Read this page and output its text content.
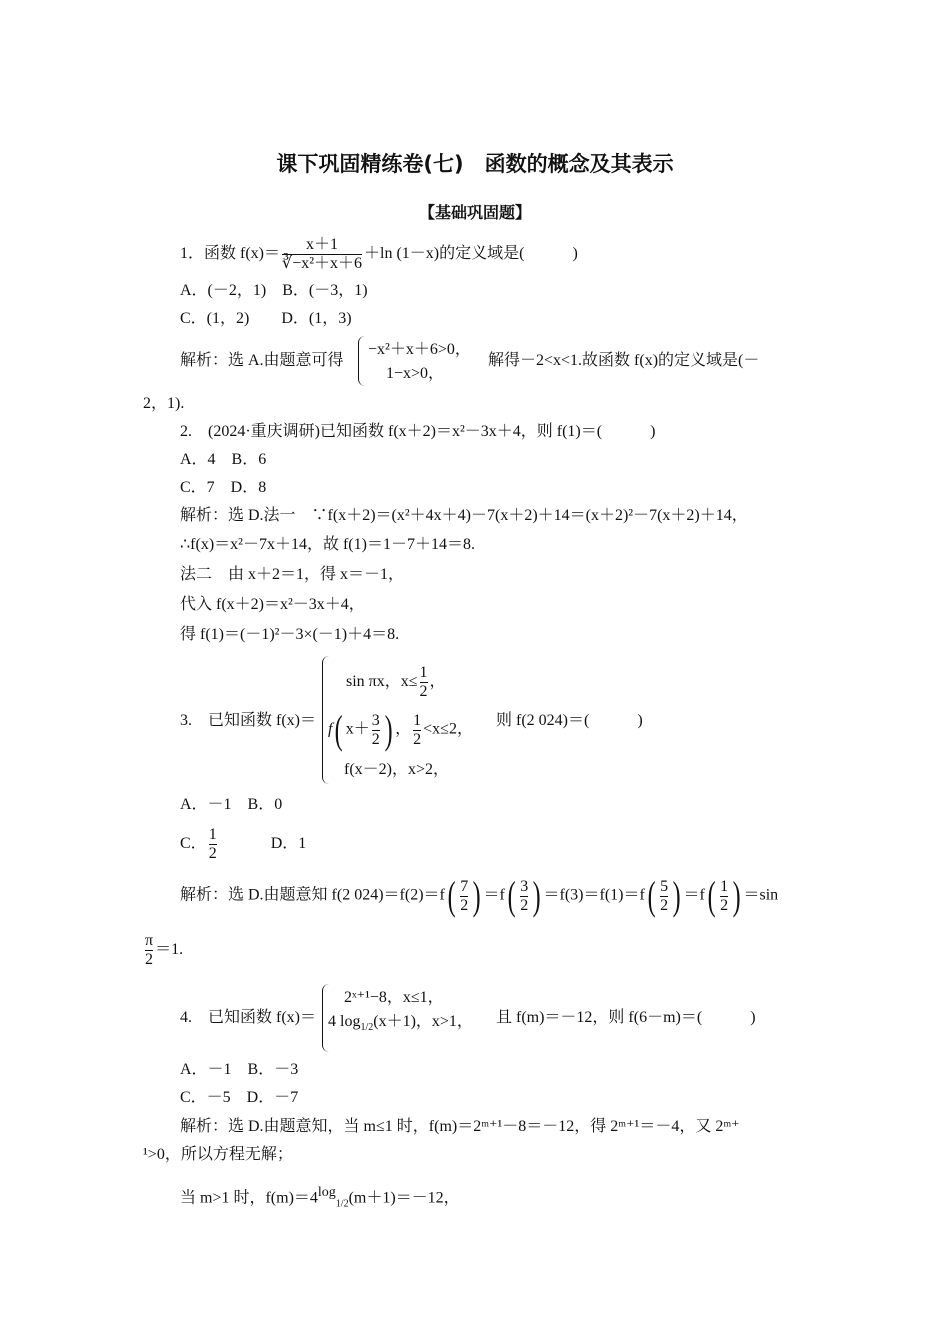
课下巩固精练卷(七)　函数的概念及其表示
【基础巩固题】
1．函数 $f(x)= \frac{x+1}{\text{∛−x²＋x＋6}} +\ln$ (1－x)的定义域是(　　　)
A．(－2，1)　B．(－3，1)
C．(1，2)　　D．(1，3)
解析：选 A.由题意可得
−x²＋x＋6>0，
1−x>0，
解得－2<x<1.故函数 f(x)的定义域是(－
2，1).
2.　(2024·重庆调研)已知函数 f(x＋2)＝x²－3x＋4，则 f(1)＝(　　　)
A．4　B．6
C．7　D．8
解析：选 D.法一　∵f(x＋2)＝(x²＋4x＋4)－7(x＋2)＋14＝(x＋2)²－7(x＋2)＋14，
∴f(x)＝x²－7x＋14，故 f(1)＝1－7＋14＝8.
法二　由 x＋2＝1，得 x＝－1，
代入 f(x＋2)＝x²－3x＋4，
得 f(1)＝(－1)²－3×(－1)＋4＝8.
3.　已知函数 f(x)＝
sin πx，$x\le \frac{1}{2}$ ，
f( $x+ \frac{3}{2}$ ) ， $\frac{1}{2} <x\le 2$，
f(x－2)，x>2，
则 f(2 024)＝(　　　)
A．－1　B．0
C． $\frac{1}{2}$	D．1
解析：选 D.由题意知 f(2 $024)=f(2)=f( \frac{7}{2}$ ) $=f( \frac{3}{2}$ ) $=f(3)=f(1)=f( \frac{5}{2}$ ) $=f( \frac{1}{2}$ ) ＝sin
$\frac{\pi}{2} =1$.
4.　已知函数 f(x)＝
2ˣ⁺¹−8，x≤1，
4 $\log_{1/2}(x+1)$，x>1， 且 f(m)＝－12，则 f(6－m)＝(　　　)
A．－1　B．－3
C．－5　D．－7
解析：选 D.由题意知，当 m≤1 时，f(m)＝2ᵐ⁺¹－8＝－12，得 2ᵐ⁺¹＝－4，又 2ᵐ⁺
¹>0，所以方程无解；
当 m>1 时，$f(m)=4\log_{1/2}(m+1)=-12$，
